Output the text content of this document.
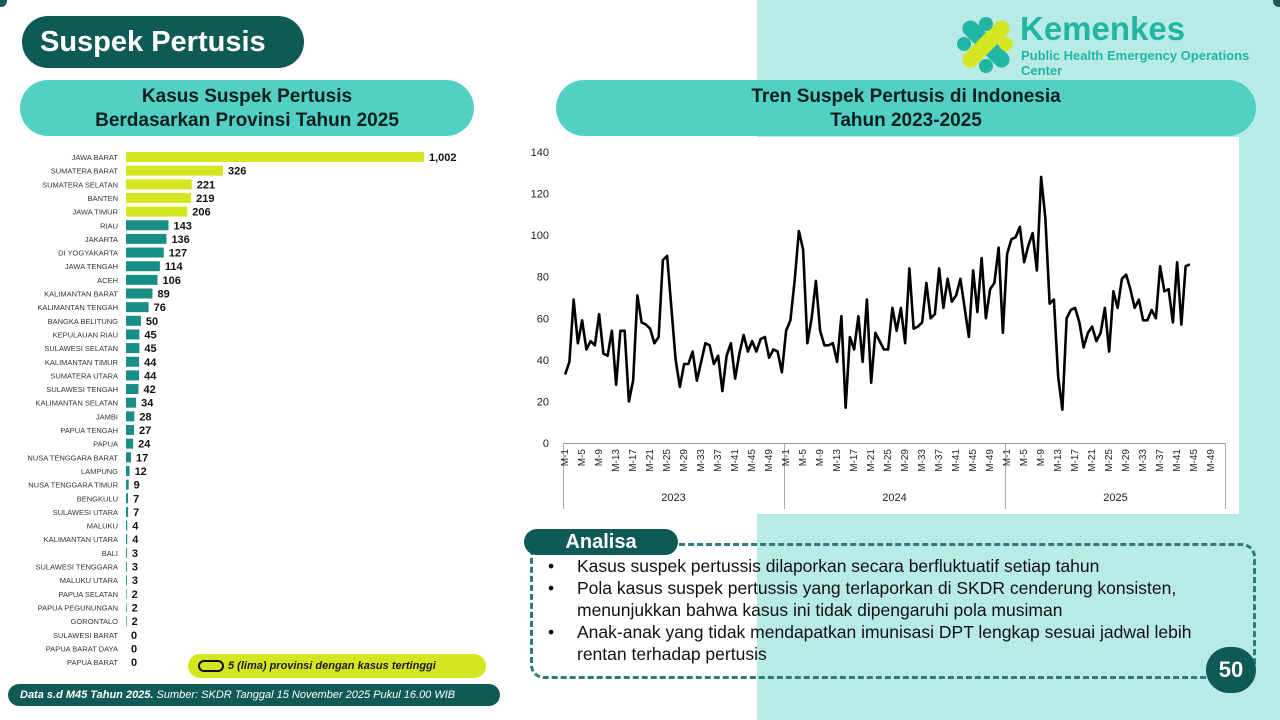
Suspek Pertusis	Kemenkes
Public Health Emergency Operations Center
Kasus Suspek Pertusis
Berdasarkan Provinsi Tahun 2025
Tren Suspek Pertusis di Indonesia
Tahun 2023-2025
JAWA BARAT	1,002
SUMATERA BARAT	326
SUMATERA SELATAN	221
BANTEN	219
JAWA TIMUR	206
RIAU	143
JAKARTA	136
DI YOGYAKARTA	127
JAWA TENGAH	114
ACEH	106
KALIMANTAN BARAT	89
KALIMANTAN TENGAH	76
BANGKA BELITUNG	50
KEPULAUAN RIAU 45
SULAWESI SELATAN 45
KALIMANTAN TIMUR 44
SUMATERA UTARA 44
SULAWESI TENGAH 42
KALIMANTAN SELATAN 34
JAMBI 28
PAPUA TENGAH 27
PAPUA 24
NUSA TENGGARA BARAT 17
LAMPUNG 12
NUSA TENGGARA TIMUR 9
BENGKULU 7
SULAWESI UTARA 7
MALUKU 4
KALIMANTAN UTARA 4
BALI 3
SULAWESI TENGGARA 3
MALUKU UTARA 3
PAPUA SELATAN 2
PAPUA PEGUNUNGAN 2
GORONTALO 2
SULAWESI BARAT 0
PAPUA BARAT DAYA 0
PAPUA BARAT 0	5 (lima) provinsi dengan kasus tertinggi
0
20
40
60
80
100
120
140
M-1 M-5 M-9 M-13 M-17 M-21 M-25 M-29 M-33 M-37 M-41 M-45 M-49
2023
M-1 M-5 M-9 M-13 M-17 M-21 M-25 M-29 M-33 M-37 M-41 M-45 M-49
2024
M-1 M-5 M-9 M-13 M-17 M-21 M-25 M-29 M-33 M-37 M-41 M-45 M-49
2025
Data s.d M45 Tahun 2025. Sumber: SKDR Tanggal 15 November 2025 Pukul 16.00 WIB
Analisa
• Kasus suspek pertussis dilaporkan secara berfluktuatif setiap tahun
• Pola kasus suspek pertussis yang terlaporkan di SKDR cenderung konsisten, menunjukkan bahwa kasus ini tidak dipengaruhi pola musiman
• Anak-anak yang tidak mendapatkan imunisasi DPT lengkap sesuai jadwal lebih rentan terhadap pertusis
50
